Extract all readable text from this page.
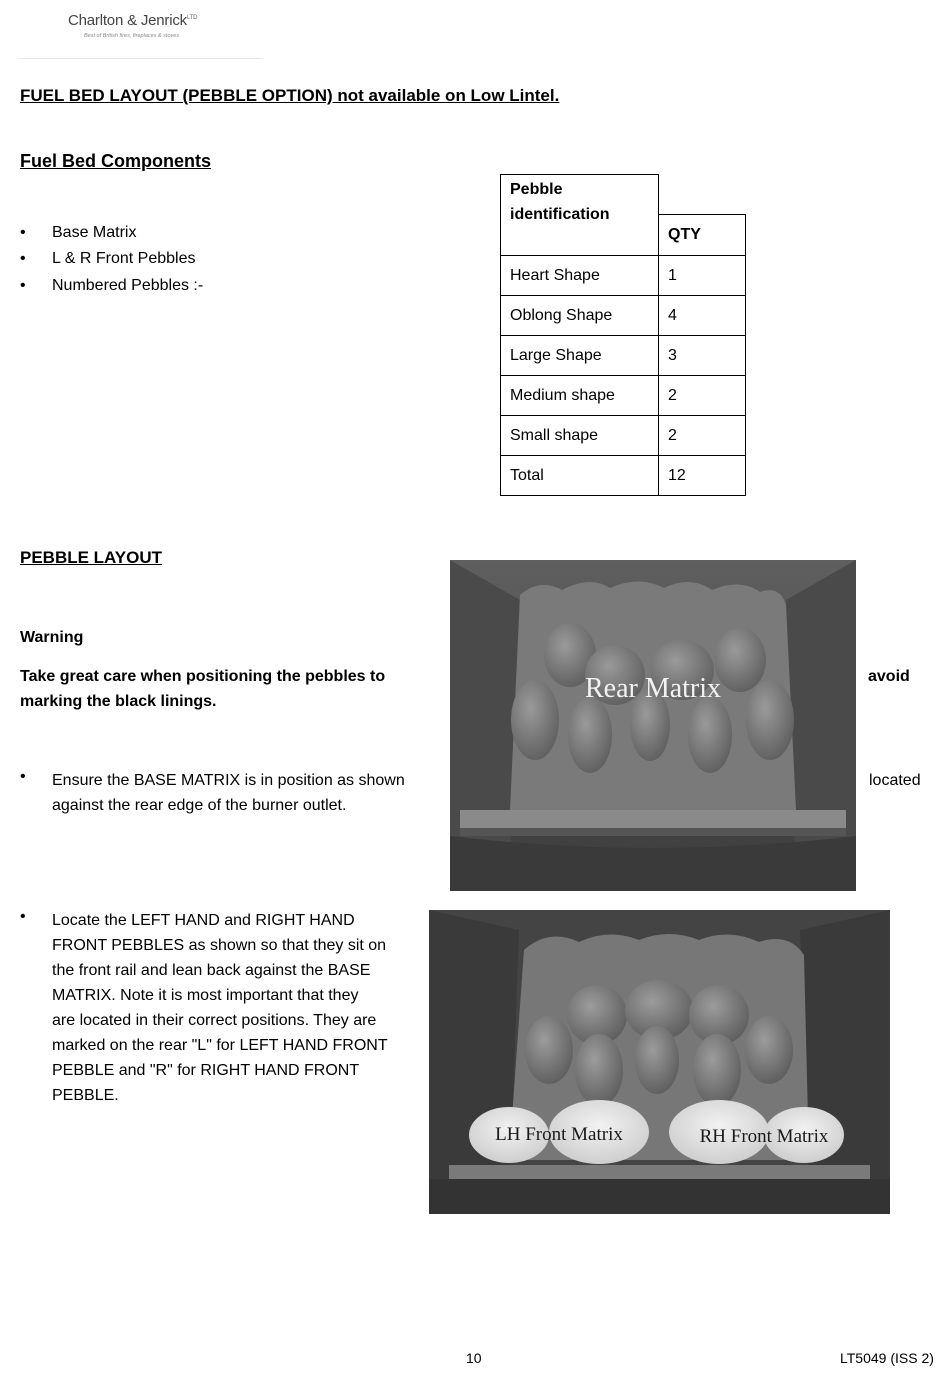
Charlton & Jenrick$^{LTD}$
Best of British fires, fireplaces & stoves
FUEL BED LAYOUT (PEBBLE OPTION) not available on Low Lintel.
Fuel Bed Components
• Base Matrix
• L & R Front Pebbles
• Numbered Pebbles :-
Pebble identification	
	QTY
Heart Shape	1
Oblong Shape	4
Large Shape	3
Medium shape	2
Small shape	2
Total	12
PEBBLE LAYOUT
Warning
Take great care when positioning the pebbles to	avoid
marking the black linings.
• Ensure the BASE MATRIX is in position as shown	located
against the rear edge of the burner outlet.
• Locate the LEFT HAND and RIGHT HAND
FRONT PEBBLES as shown so that they sit on
the front rail and lean back against the BASE
MATRIX. Note it is most important that they
are located in their correct positions. They are
marked on the rear "L" for LEFT HAND FRONT
PEBBLE and "R" for RIGHT HAND FRONT
PEBBLE.
Rear Matrix
LH Front Matrix	RH Front Matrix
10	LT5049 (ISS 2)
